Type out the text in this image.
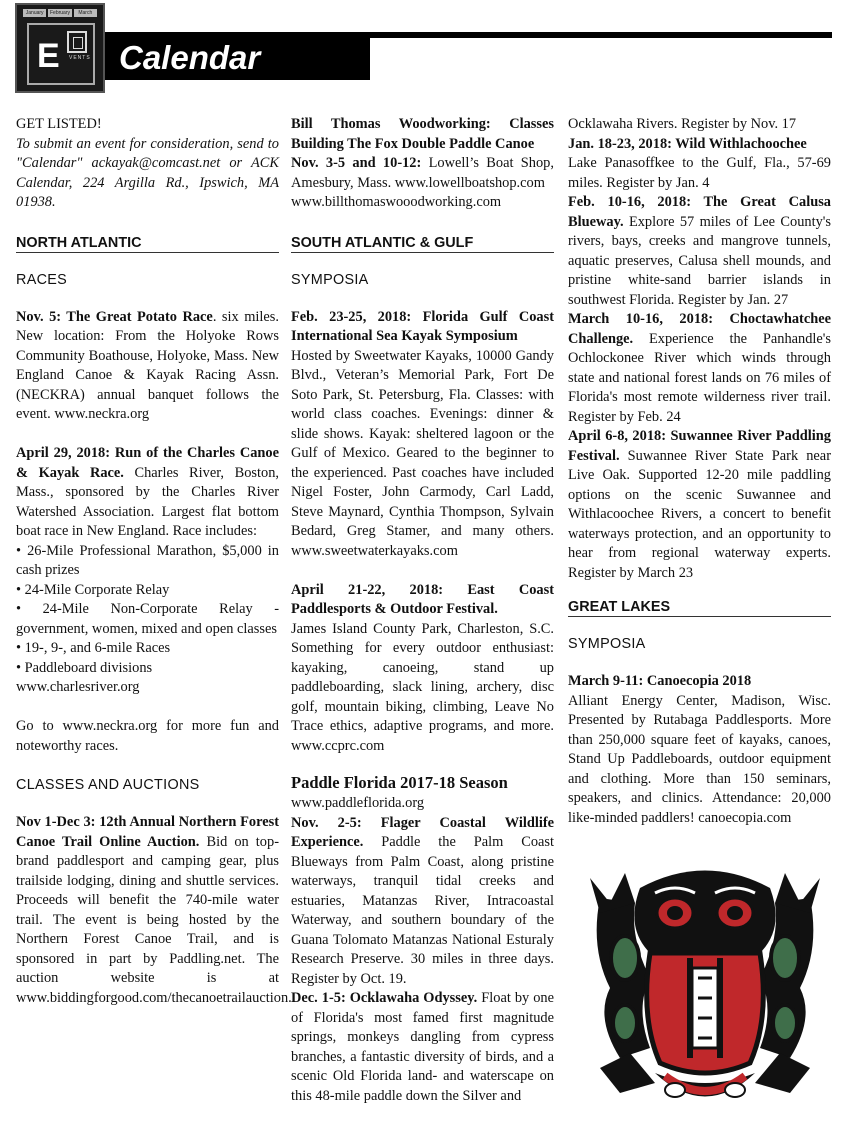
January	February	March
E VENTS Calendar

GET LISTED!

To submit an event for consideration, send to "Calendar" ackayak@comcast.net or ACK Calendar, 224 Argilla Rd., Ipswich, MA 01938.

NORTH ATLANTIC

RACES

Nov. 5: The Great Potato Race. six miles. New location: From the Holyoke Rows Community Boathouse, Holyoke, Mass. New England Canoe & Kayak Racing Assn. (NECKRA) annual banquet follows the event. www.neckra.org

April 29, 2018: Run of the Charles Canoe & Kayak Race. Charles River, Boston, Mass., sponsored by the Charles River Watershed Association. Largest flat bottom boat race in New England. Race includes:

• 26-Mile Professional Marathon, $5,000 in cash prizes

• 24-Mile Corporate Relay

• 24-Mile Non-Corporate Relay - government, women, mixed and open classes

• 19-, 9-, and 6-mile Races

• Paddleboard divisions

www.charlesriver.org

Go to www.neckra.org for more fun and noteworthy races.

CLASSES AND AUCTIONS

Nov 1-Dec 3: 12th Annual Northern Forest Canoe Trail Online Auction. Bid on top-brand paddlesport and camping gear, plus trailside lodging, dining and shuttle services. Proceeds will benefit the 740-mile water trail. The event is being hosted by the Northern Forest Canoe Trail, and is sponsored in part by Paddling.net. The auction website is at www.biddingforgood.com/thecanoetrailauction.

Bill Thomas Woodworking: Classes Building The Fox Double Paddle Canoe

Nov. 3-5 and 10-12: Lowell’s Boat Shop, Amesbury, Mass. www.lowellboatshop.com

www.billthomaswooodworking.com

SOUTH ATLANTIC & GULF

SYMPOSIA

Feb. 23-25, 2018: Florida Gulf Coast International Sea Kayak Symposium

Hosted by Sweetwater Kayaks, 10000 Gandy Blvd., Veteran’s Memorial Park, Fort De Soto Park, St. Petersburg, Fla. Classes: with world class coaches. Evenings: dinner & slide shows. Kayak: sheltered lagoon or the Gulf of Mexico. Geared to the beginner to the experienced. Past coaches have included Nigel Foster, John Carmody, Carl Ladd, Steve Maynard, Cynthia Thompson, Sylvain Bedard, Greg Stamer, and many others. www.sweetwaterkayaks.com

April 21-22, 2018: East Coast Paddlesports & Outdoor Festival.

James Island County Park, Charleston, S.C. Something for every outdoor enthusiast: kayaking, canoeing, stand up paddleboarding, slack lining, archery, disc golf, mountain biking, climbing, Leave No Trace ethics, adaptive programs, and more. www.ccprc.com

Paddle Florida 2017-18 Season

www.paddleflorida.org

Nov. 2-5: Flager Coastal Wildlife Experience. Paddle the Palm Coast Blueways from Palm Coast, along pristine waterways, tranquil tidal creeks and estuaries, Matanzas River, Intracoastal Waterway, and southern boundary of the Guana Tolomato Matanzas National Esturaly Research Preserve. 30 miles in three days. Register by Oct. 19.

Dec. 1-5: Ocklawaha Odyssey. Float by one of Florida's most famed first magnitude springs, monkeys dangling from cypress branches, a fantastic diversity of birds, and a scenic Old Florida land- and waterscape on this 48-mile paddle down the Silver and

Ocklawaha Rivers. Register by Nov. 17

Jan. 18-23, 2018: Wild Withlachoochee

Lake Panasoffkee to the Gulf, Fla., 57-69 miles. Register by Jan. 4

Feb. 10-16, 2018: The Great Calusa Blueway. Explore 57 miles of Lee County's rivers, bays, creeks and mangrove tunnels, aquatic preserves, Calusa shell mounds, and pristine white-sand barrier islands in southwest Florida. Register by Jan. 27

March 10-16, 2018: Choctawhatchee Challenge. Experience the Panhandle's Ochlockonee River which winds through state and national forest lands on 76 miles of Florida's most remote wilderness river trail. Register by Feb. 24

April 6-8, 2018: Suwannee River Paddling Festival. Suwannee River State Park near Live Oak. Supported 12-20 mile paddling options on the scenic Suwannee and Withlacoochee Rivers, a concert to benefit waterways protection, and an opportunity to hear from regional waterway experts. Register by March 23

GREAT LAKES

SYMPOSIA

March 9-11: Canoecopia 2018

Alliant Energy Center, Madison, Wisc. Presented by Rutabaga Paddlesports. More than 250,000 square feet of kayaks, canoes, Stand Up Paddleboards, outdoor equipment and clothing. More than 150 seminars, speakers, and clinics. Attendance: 20,000 like-minded paddlers! canoecopia.com
